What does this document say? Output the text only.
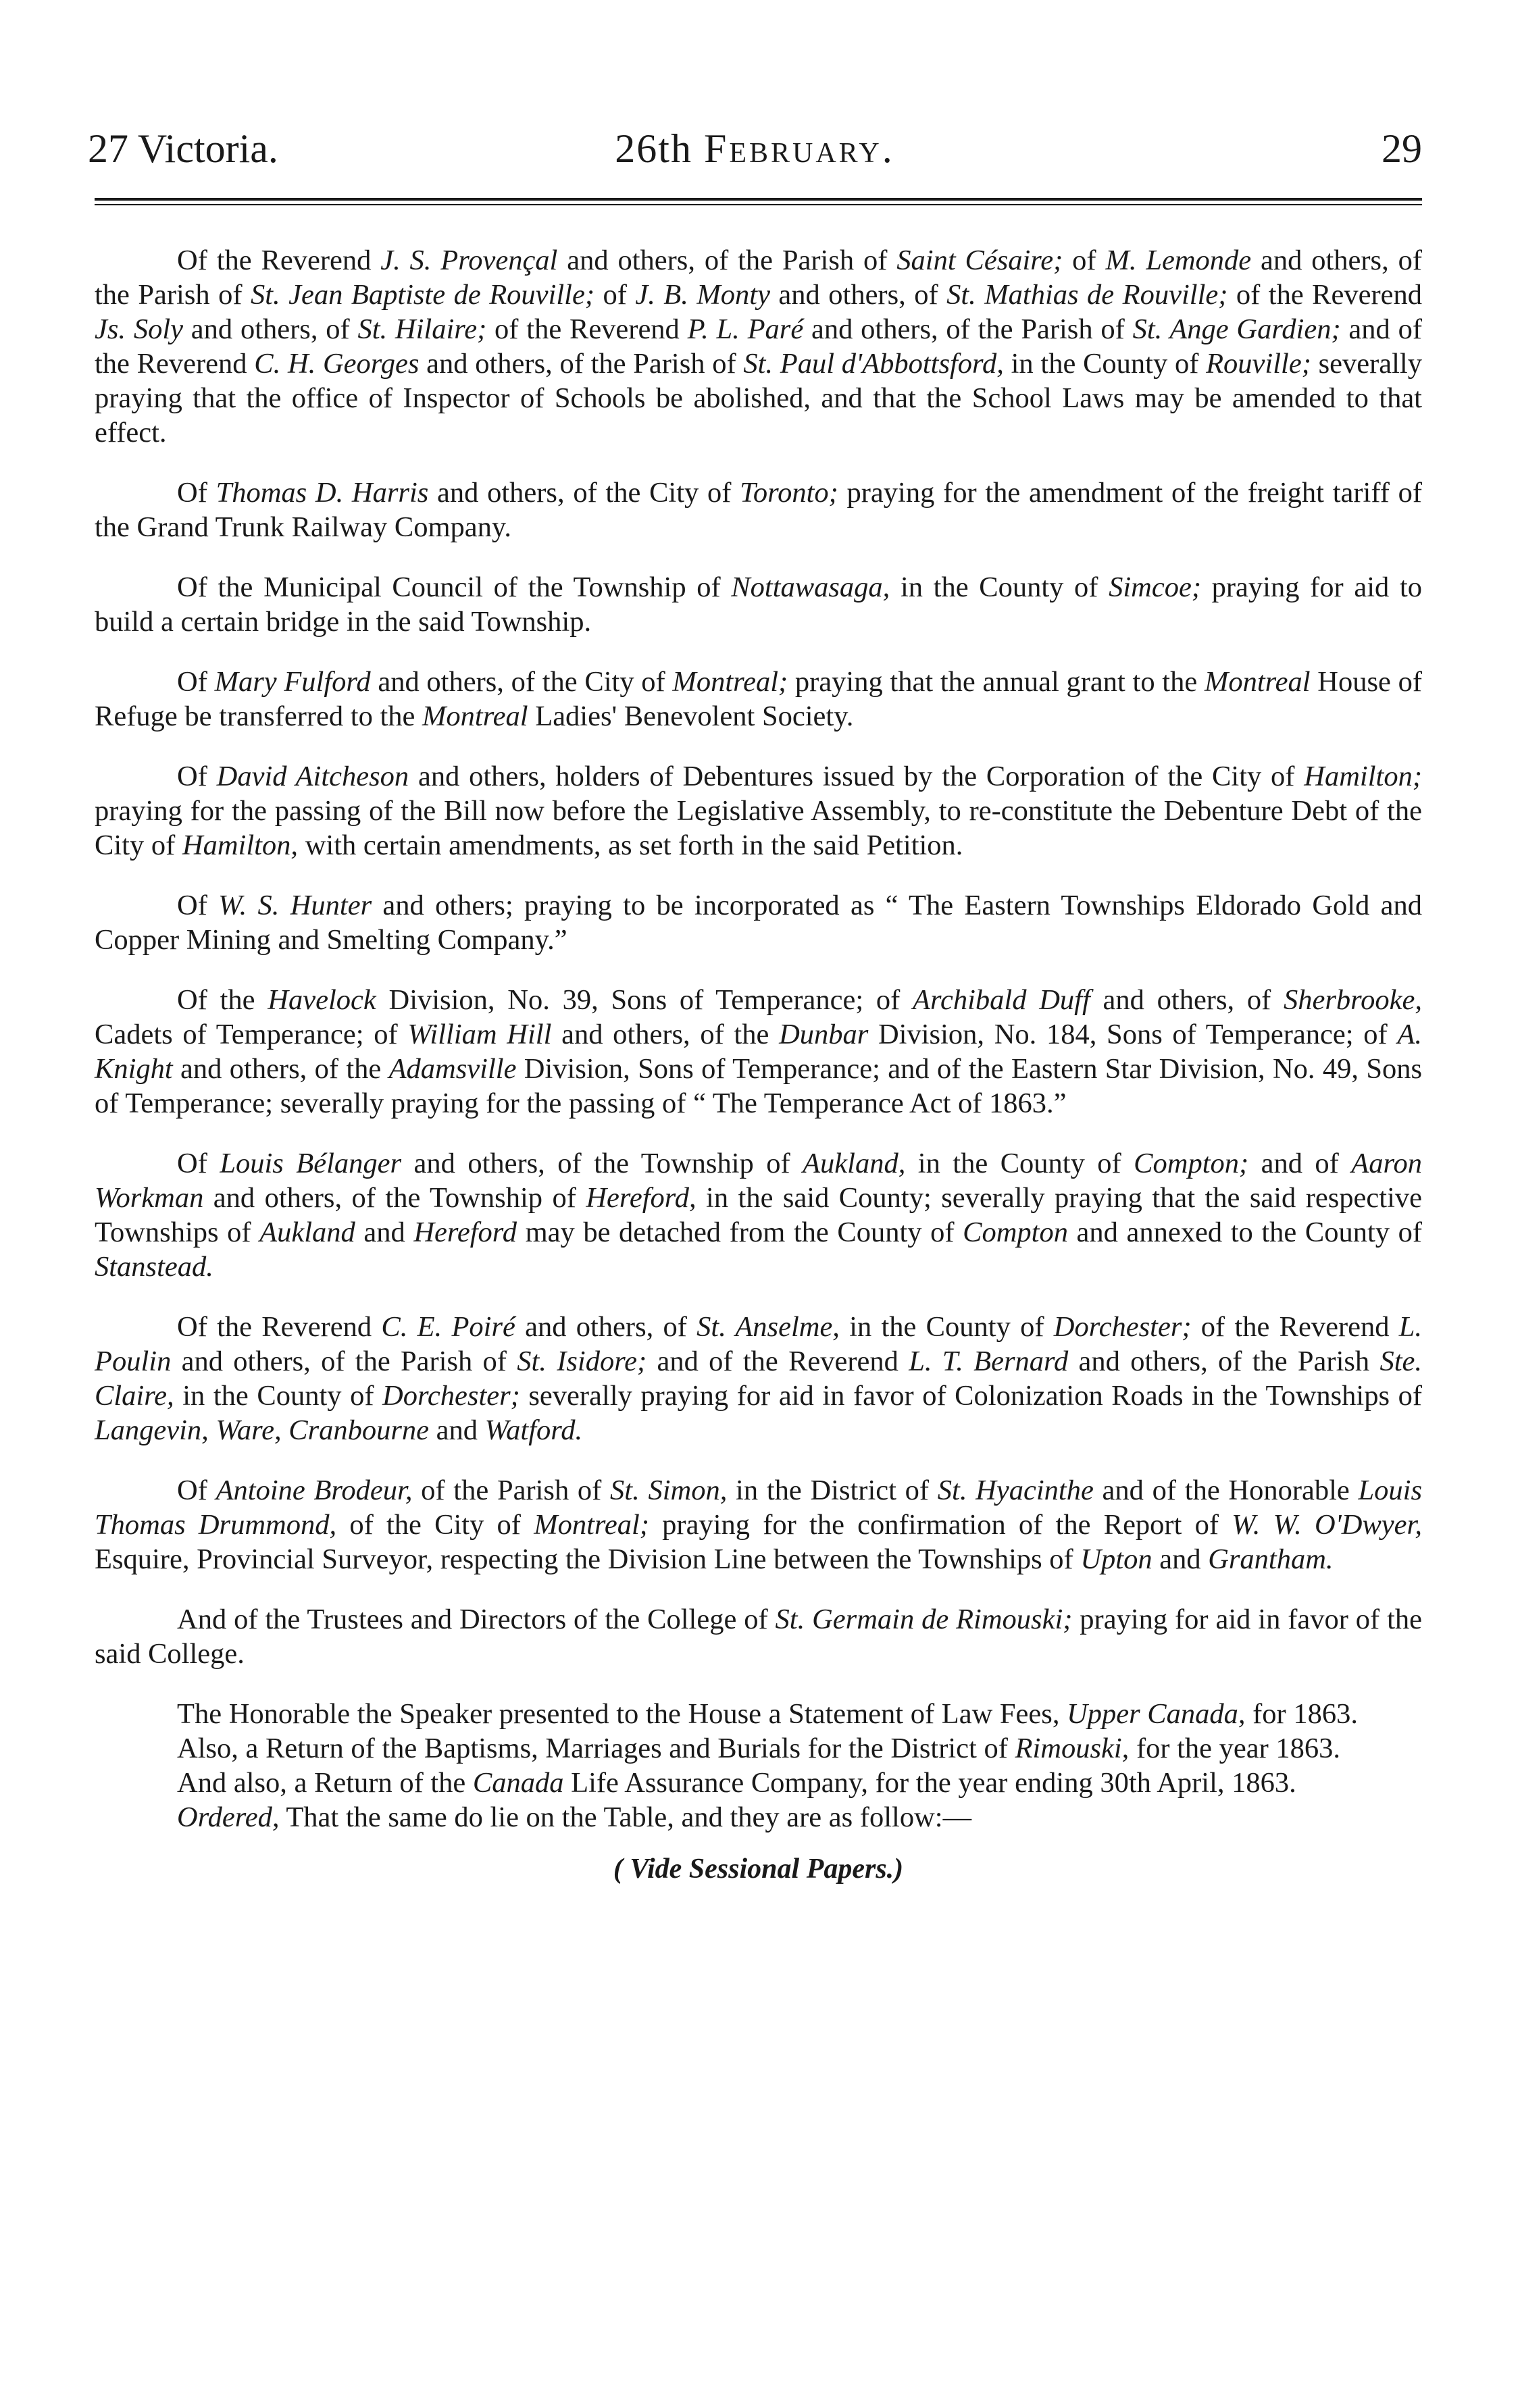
27 Victoria.	26th February.	29

Of the Reverend J. S. Provençal and others, of the Parish of Saint Césaire; of M. Lemonde and others, of the Parish of St. Jean Baptiste de Rouville; of J. B. Monty and others, of St. Mathias de Rouville; of the Reverend Js. Soly and others, of St. Hilaire; of the Reverend P. L. Paré and others, of the Parish of St. Ange Gardien; and of the Reverend C. H. Georges and others, of the Parish of St. Paul d'Abbottsford, in the County of Rouville; severally praying that the office of Inspector of Schools be abolished, and that the School Laws may be amended to that effect.

Of Thomas D. Harris and others, of the City of Toronto; praying for the amendment of the freight tariff of the Grand Trunk Railway Company.

Of the Municipal Council of the Township of Nottawasaga, in the County of Simcoe; praying for aid to build a certain bridge in the said Township.

Of Mary Fulford and others, of the City of Montreal; praying that the annual grant to the Montreal House of Refuge be transferred to the Montreal Ladies' Benevolent Society.

Of David Aitcheson and others, holders of Debentures issued by the Corporation of the City of Hamilton; praying for the passing of the Bill now before the Legislative Assembly, to re-constitute the Debenture Debt of the City of Hamilton, with certain amendments, as set forth in the said Petition.

Of W. S. Hunter and others; praying to be incorporated as “ The Eastern Townships Eldorado Gold and Copper Mining and Smelting Company.”

Of the Havelock Division, No. 39, Sons of Temperance; of Archibald Duff and others, of Sherbrooke, Cadets of Temperance; of William Hill and others, of the Dunbar Division, No. 184, Sons of Temperance; of A. Knight and others, of the Adamsville Division, Sons of Temperance; and of the Eastern Star Division, No. 49, Sons of Temperance; severally praying for the passing of “ The Temperance Act of 1863.”

Of Louis Bélanger and others, of the Township of Aukland, in the County of Compton; and of Aaron Workman and others, of the Township of Hereford, in the said County; severally praying that the said respective Townships of Aukland and Hereford may be detached from the County of Compton and annexed to the County of Stanstead.

Of the Reverend C. E. Poiré and others, of St. Anselme, in the County of Dorchester; of the Reverend L. Poulin and others, of the Parish of St. Isidore; and of the Reverend L. T. Bernard and others, of the Parish Ste. Claire, in the County of Dorchester; severally praying for aid in favor of Colonization Roads in the Townships of Langevin, Ware, Cranbourne and Watford.

Of Antoine Brodeur, of the Parish of St. Simon, in the District of St. Hyacinthe and of the Honorable Louis Thomas Drummond, of the City of Montreal; praying for the confirmation of the Report of W. W. O'Dwyer, Esquire, Provincial Surveyor, respecting the Division Line between the Townships of Upton and Grantham.

And of the Trustees and Directors of the College of St. Germain de Rimouski; praying for aid in favor of the said College.

The Honorable the Speaker presented to the House a Statement of Law Fees, Upper Canada, for 1863.

Also, a Return of the Baptisms, Marriages and Burials for the District of Rimouski, for the year 1863.

And also, a Return of the Canada Life Assurance Company, for the year ending 30th April, 1863.

Ordered, That the same do lie on the Table, and they are as follow:—

( Vide Sessional Papers.)
